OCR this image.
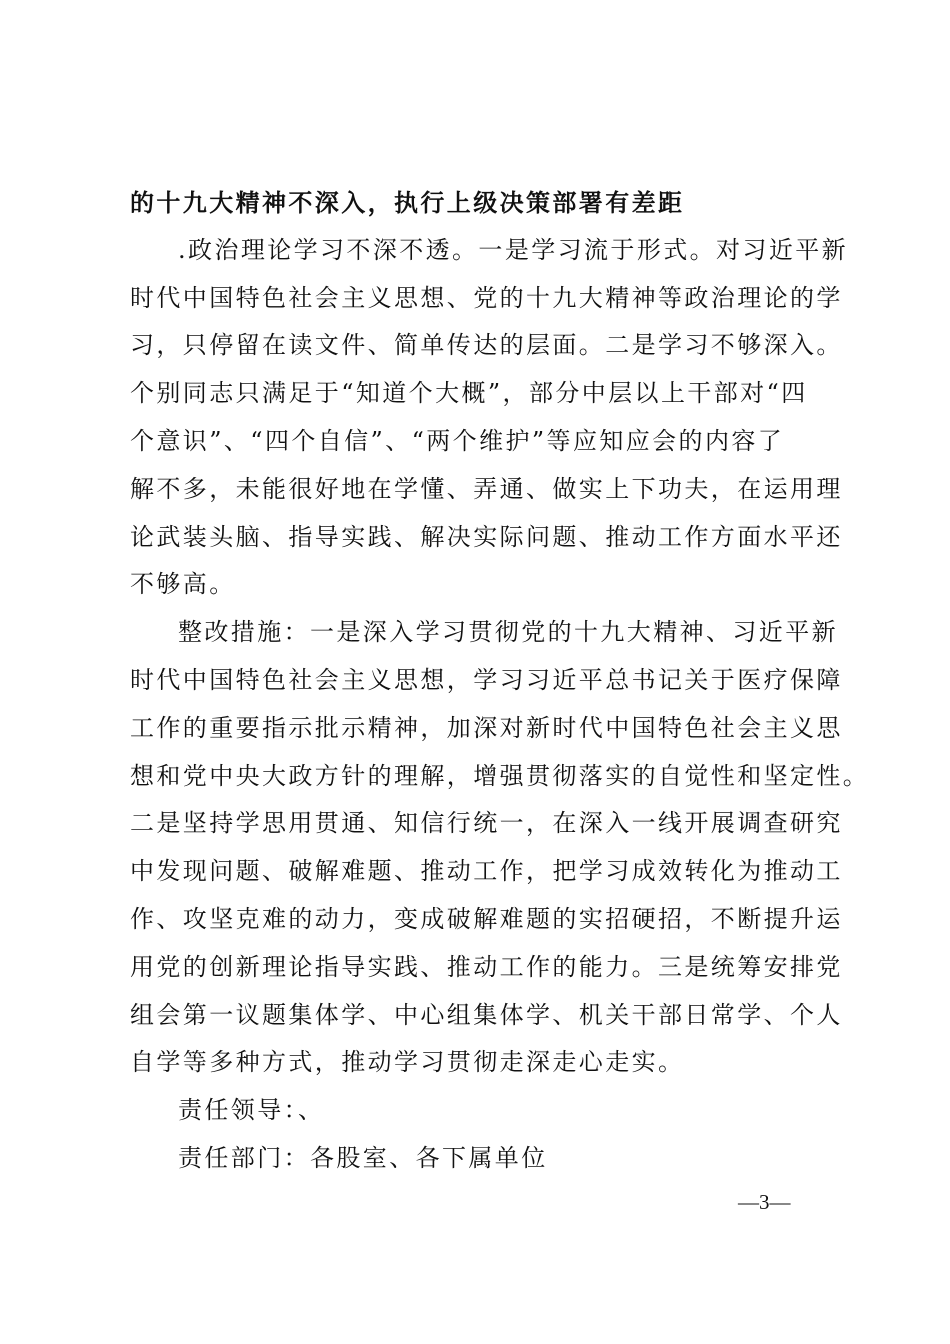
的十九大精神不深入，执行上级决策部署有差距
.政治理论学习不深不透。一是学习流于形式。对习近平新
时代中国特色社会主义思想、党的十九大精神等政治理论的学
习，只停留在读文件、简单传达的层面。二是学习不够深入。
个别同志只满足于“知道个大概”，部分中层以上干部对“四
个意识”、“四个自信”、“两个维护”等应知应会的内容了
解不多，未能很好地在学懂、弄通、做实上下功夫，在运用理
论武装头脑、指导实践、解决实际问题、推动工作方面水平还
不够高。
整改措施：一是深入学习贯彻党的十九大精神、习近平新
时代中国特色社会主义思想，学习习近平总书记关于医疗保障
工作的重要指示批示精神，加深对新时代中国特色社会主义思
想和党中央大政方针的理解，增强贯彻落实的自觉性和坚定性。
二是坚持学思用贯通、知信行统一，在深入一线开展调查研究
中发现问题、破解难题、推动工作，把学习成效转化为推动工
作、攻坚克难的动力，变成破解难题的实招硬招，不断提升运
用党的创新理论指导实践、推动工作的能力。三是统筹安排党
组会第一议题集体学、中心组集体学、机关干部日常学、个人
自学等多种方式，推动学习贯彻走深走心走实。
责任领导：、
责任部门：各股室、各下属单位
—3—
